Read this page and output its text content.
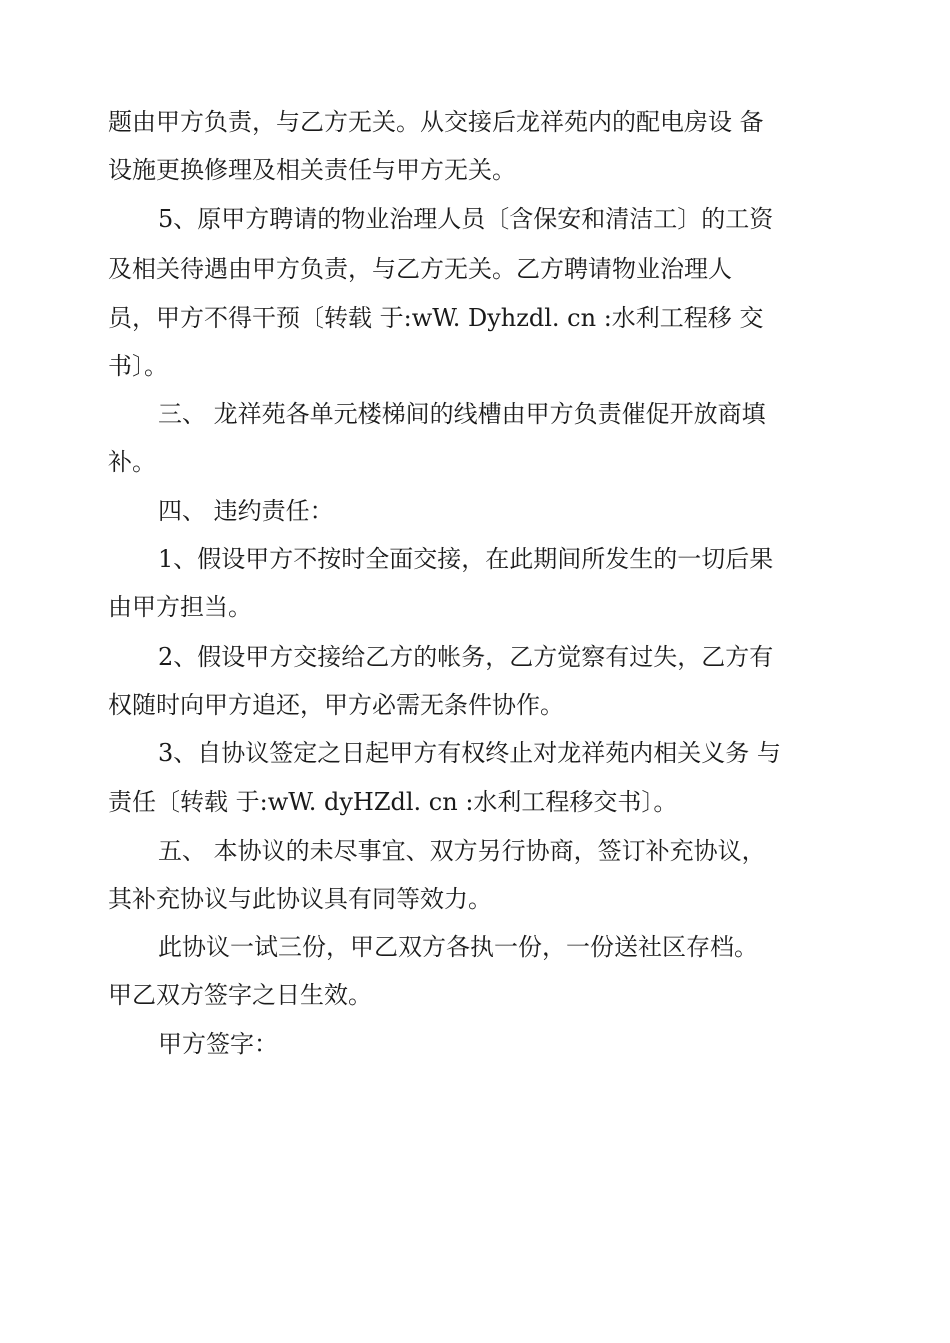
题由甲方负责，与乙方无关。从交接后龙祥苑内的配电房设 备
设施更换修理及相关责任与甲方无关。
5、原甲方聘请的物业治理人员〔含保安和清洁工〕的工资
及相关待遇由甲方负责，与乙方无关。乙方聘请物业治理人
员，甲方不得干预〔转载 于:wW. Dyhzdl. cn :水利工程移 交
书〕。
三、 龙祥苑各单元楼梯间的线槽由甲方负责催促开放商填
补。
四、 违约责任：
1、假设甲方不按时全面交接，在此期间所发生的一切后果
由甲方担当。
2、假设甲方交接给乙方的帐务，乙方觉察有过失，乙方有
权随时向甲方追还，甲方必需无条件协作。
3、自协议签定之日起甲方有权终止对龙祥苑内相关义务 与
责任〔转载 于:wW. dyHZdl. cn :水利工程移交书〕。
五、 本协议的未尽事宜、双方另行协商，签订补充协议，
其补充协议与此协议具有同等效力。
此协议一试三份，甲乙双方各执一份，一份送社区存档。
甲乙双方签字之日生效。
甲方签字：
